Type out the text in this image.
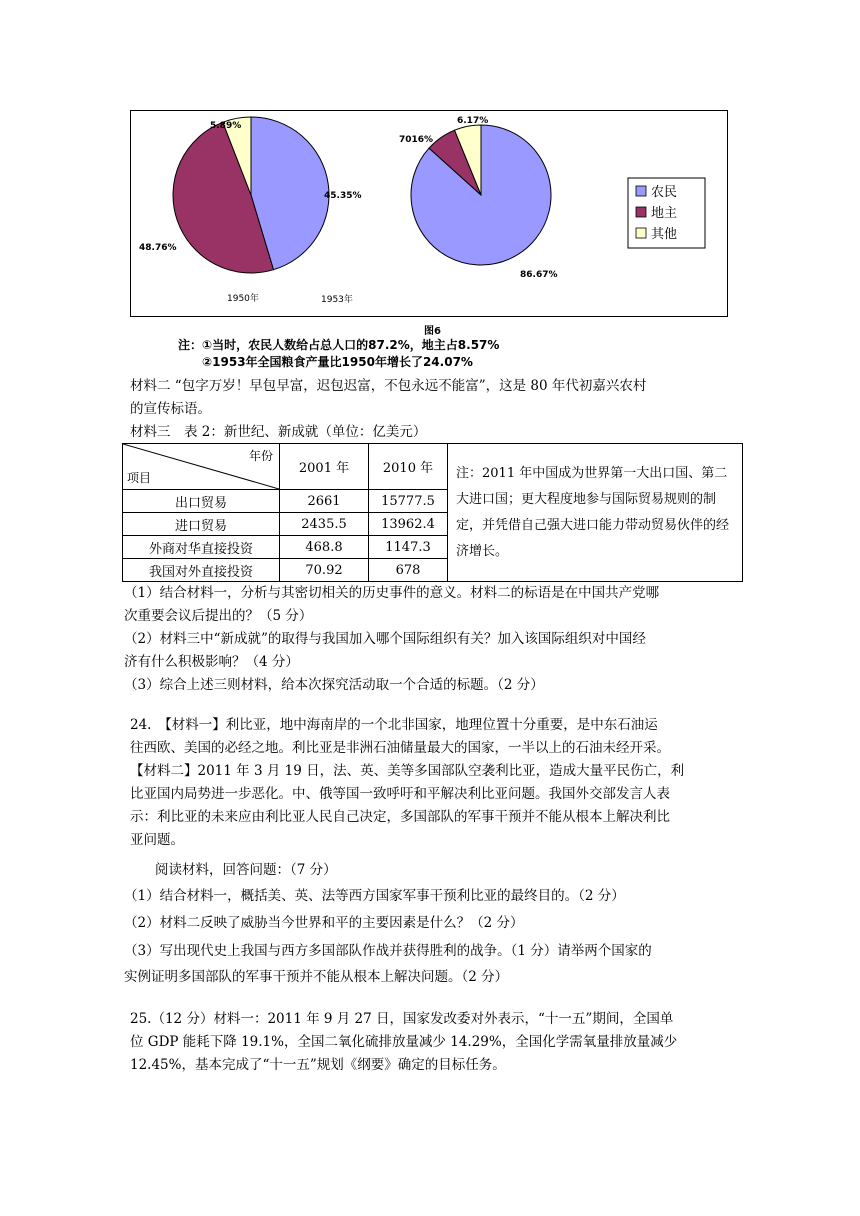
5.89%
45.35%
48.76%
1950年
6.17%
7016%
86.67%
1953年
农民
地主
其他
图6
注：①当时，农民人数给占总人口的87.2%，地主占8.57%
②1953年全国粮食产量比1950年增长了24.07%
材料二 “包字万岁！早包早富，迟包迟富，不包永远不能富”，这是 80 年代初嘉兴农村
的宣传标语。
材料三　表 2：新世纪、新成就（单位：亿美元）
年份
项目	2001 年	2010 年	注：2011 年中国成为世界第一大出口国、第二大进口国；更大程度地参与国际贸易规则的制定，并凭借自己强大进口能力带动贸易伙伴的经济增长。
出口贸易	2661	15777.5	
进口贸易	2435.5	13962.4	
外商对华直接投资	468.8	1147.3	
我国对外直接投资	70.92	678	
（1）结合材料一，分析与其密切相关的历史事件的意义。材料二的标语是在中国共产党哪
次重要会议后提出的？（5 分）
（2）材料三中“新成就”的取得与我国加入哪个国际组织有关？加入该国际组织对中国经
济有什么积极影响？（4 分）
（3）综合上述三则材料，给本次探究活动取一个合适的标题。（2 分）
24.　【材料一】利比亚，地中海南岸的一个北非国家，地理位置十分重要，是中东石油运
往西欧、美国的必经之地。利比亚是非洲石油储量最大的国家，一半以上的石油未经开采。
【材料二】2011 年 3 月 19 日，法、英、美等多国部队空袭利比亚，造成大量平民伤亡，利
比亚国内局势进一步恶化。中、俄等国一致呼吁和平解决利比亚问题。我国外交部发言人表
示：利比亚的未来应由利比亚人民自己决定，多国部队的军事干预并不能从根本上解决利比
亚问题。
阅读材料，回答问题：（7 分）
（1）结合材料一，概括美、英、法等西方国家军事干预利比亚的最终目的。（2 分）
（2）材料二反映了威胁当今世界和平的主要因素是什么？（2 分）
（3）写出现代史上我国与西方多国部队作战并获得胜利的战争。（1 分）请举两个国家的
实例证明多国部队的军事干预并不能从根本上解决问题。（2 分）
25.（12 分）材料一：2011 年 9 月 27 日，国家发改委对外表示，“十一五”期间，全国单
位 GDP 能耗下降 19.1%，全国二氧化硫排放量减少 14.29%，全国化学需氧量排放量减少
12.45%，基本完成了“十一五”规划《纲要》确定的目标任务。
